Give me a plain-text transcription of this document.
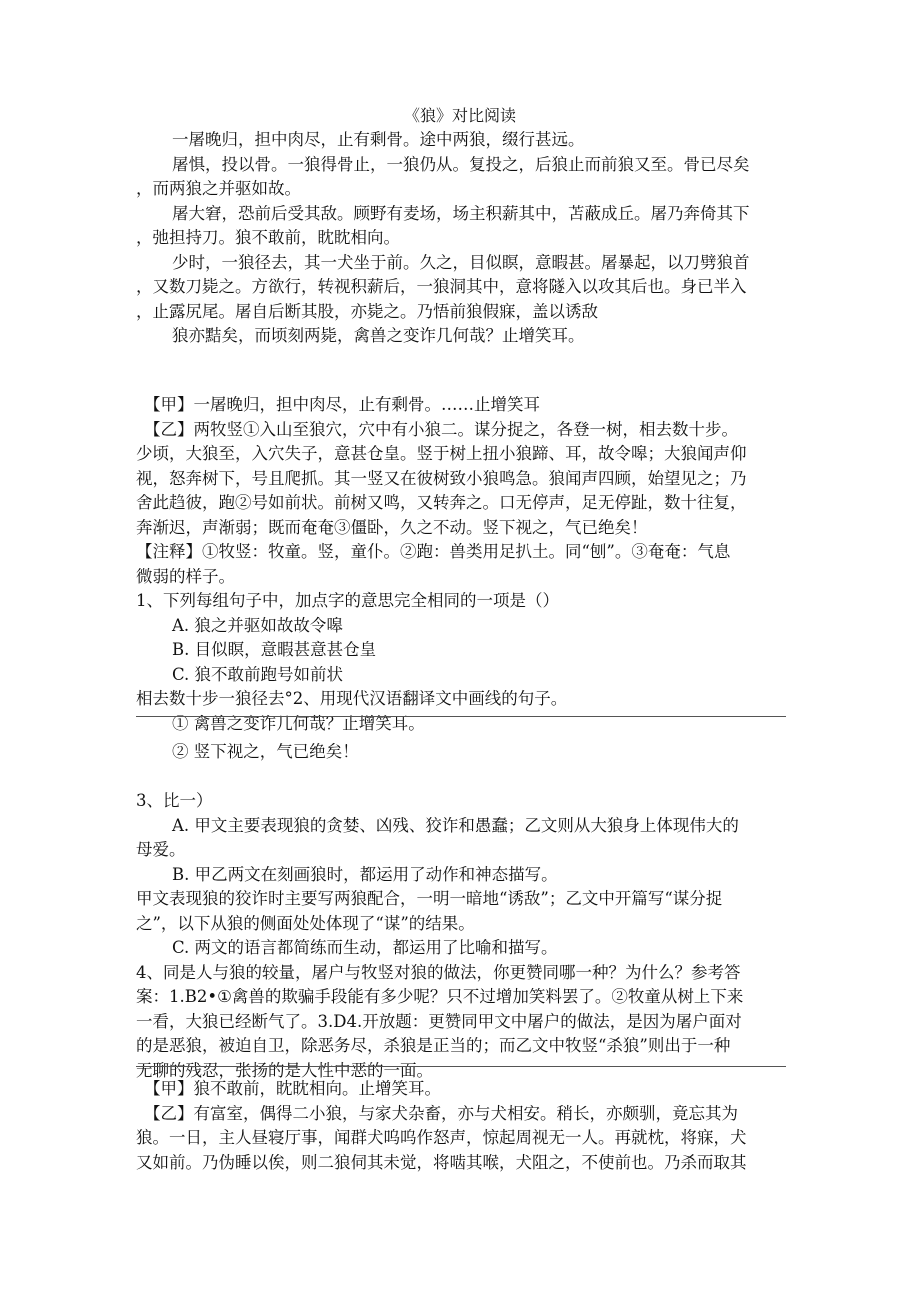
《狼》对比阅读

一屠晚归，担中肉尽，止有剩骨。途中两狼，缀行甚远。

屠惧，投以骨。一狼得骨止，一狼仍从。复投之，后狼止而前狼又至。骨已尽矣

，而两狼之并驱如故。

屠大窘，恐前后受其敌。顾野有麦场，场主积薪其中，苫蔽成丘。屠乃奔倚其下

，弛担持刀。狼不敢前，眈眈相向。

少时，一狼径去，其一犬坐于前。久之，目似瞑，意暇甚。屠暴起，以刀劈狼首

，又数刀毙之。方欲行，转视积薪后，一狼洞其中，意将隧入以攻其后也。身已半入

，止露尻尾。屠自后断其股，亦毙之。乃悟前狼假寐，盖以诱敌

狼亦黠矣，而顷刻两毙，禽兽之变诈几何哉？止增笑耳。

【甲】一屠晚归，担中肉尽，止有剩骨。……止增笑耳

【乙】两牧竖①入山至狼穴，穴中有小狼二。谋分捉之，各登一树，相去数十步。

少顷，大狼至，入穴失子，意甚仓皇。竖于树上扭小狼蹄、耳，故令嗥；大狼闻声仰

视，怒奔树下，号且爬抓。其一竖又在彼树致小狼鸣急。狼闻声四顾，始望见之；乃

舍此趋彼，跑②号如前状。前树又鸣，又转奔之。口无停声，足无停趾，数十往复，

奔渐迟，声渐弱；既而奄奄③僵卧，久之不动。竖下视之，气已绝矣！

【注释】①牧竖：牧童。竖，童仆。②跑：兽类用足扒土。同“刨”。③奄奄：气息

微弱的样子。

1、下列每组句子中，加点字的意思完全相同的一项是（）

A. 狼之并驱如故故令嗥

B. 目似瞑，意暇甚意甚仓皇

C. 狼不敢前跑号如前状

相去数十步一狼径去°2、用现代汉语翻译文中画线的句子。

① 禽兽之变诈几何哉？止增笑耳。

② 竖下视之，气已绝矣！

3、比一）

A. 甲文主要表现狼的贪婪、凶残、狡诈和愚蠢；乙文则从大狼身上体现伟大的

母爱。

B. 甲乙两文在刻画狼时，都运用了动作和神态描写。

甲文表现狼的狡诈时主要写两狼配合，一明一暗地“诱敌”；乙文中开篇写“谋分捉

之”，以下从狼的侧面处处体现了“谋”的结果。

C. 两文的语言都简练而生动，都运用了比喻和描写。

4、同是人与狼的较量，屠户与牧竖对狼的做法，你更赞同哪一种？为什么？参考答

案：1.B2•①禽兽的欺骗手段能有多少呢？只不过增加笑料罢了。②牧童从树上下来

一看，大狼已经断气了。3.D4.开放题：更赞同甲文中屠户的做法，是因为屠户面对

的是恶狼，被迫自卫，除恶务尽，杀狼是正当的；而乙文中牧竖“杀狼”则出于一种

无聊的残忍，张扬的是人性中恶的一面。

【甲】狼不敢前，眈眈相向。止增笑耳。

【乙】有富室，偶得二小狼，与家犬杂畜，亦与犬相安。稍长，亦颇驯，竟忘其为

狼。一日，主人昼寝厅事，闻群犬呜呜作怒声，惊起周视无一人。再就枕，将寐，犬

又如前。乃伪睡以俟，则二狼伺其未觉，将啮其喉，犬阻之，不使前也。乃杀而取其
